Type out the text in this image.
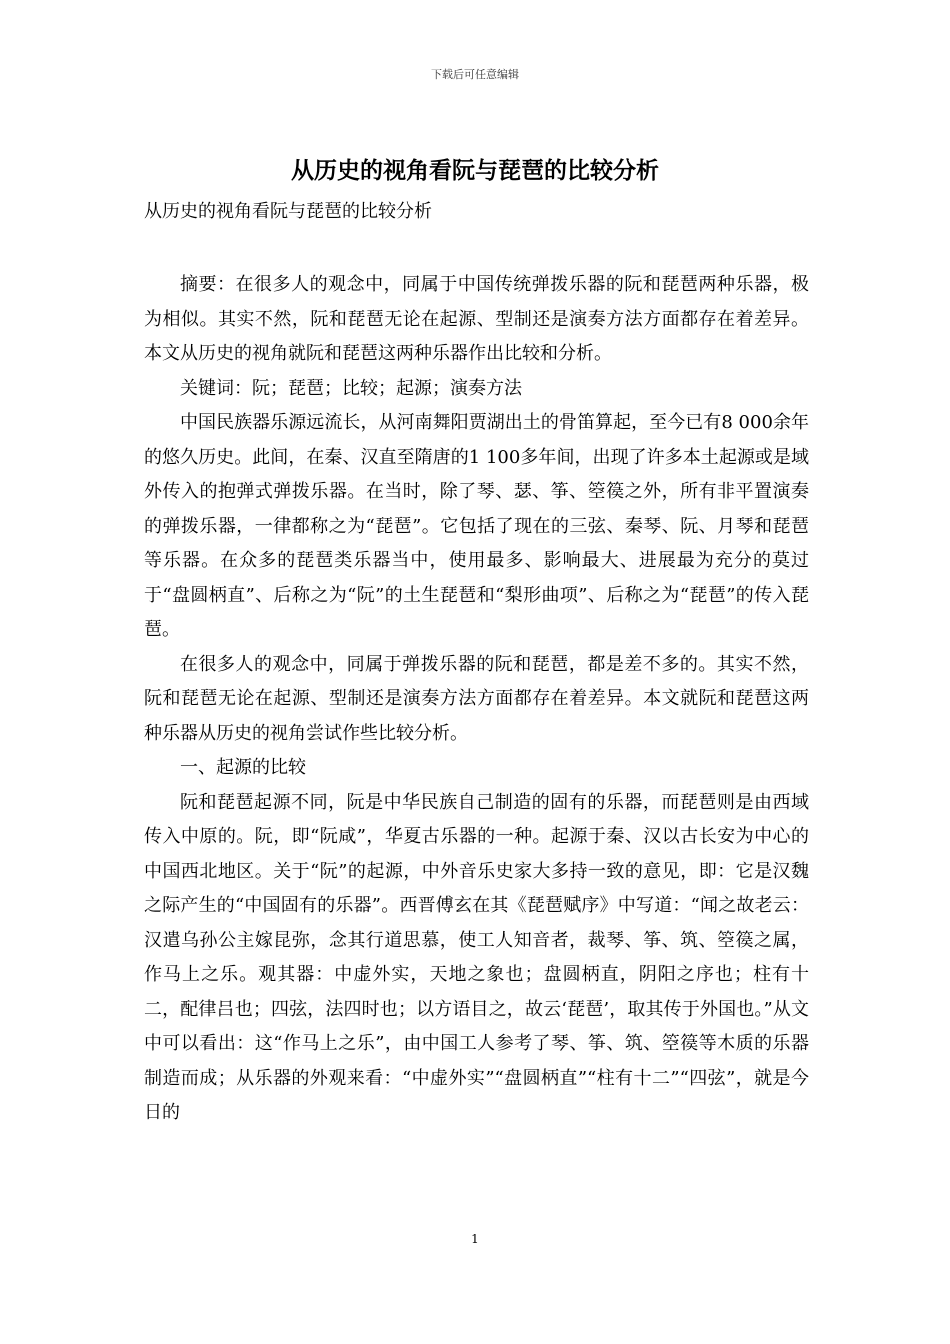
下载后可任意编辑
从历史的视角看阮与琵琶的比较分析
从历史的视角看阮与琵琶的比较分析

摘要：在很多人的观念中，同属于中国传统弹拨乐器的阮和琵琶两种乐器，极为相似。其实不然，阮和琵琶无论在起源、型制还是演奏方法方面都存在着差异。本文从历史的视角就阮和琵琶这两种乐器作出比较和分析。

关键词：阮；琵琶；比较；起源；演奏方法

中国民族器乐源远流长，从河南舞阳贾湖出土的骨笛算起，至今已有8 000余年的悠久历史。此间，在秦、汉直至隋唐的1 100多年间，出现了许多本土起源或是域外传入的抱弹式弹拨乐器。在当时，除了琴、瑟、筝、箜篌之外，所有非平置演奏的弹拨乐器，一律都称之为“琵琶”。它包括了现在的三弦、秦琴、阮、月琴和琵琶等乐器。在众多的琵琶类乐器当中，使用最多、影响最大、进展最为充分的莫过于“盘圆柄直”、后称之为“阮”的土生琵琶和“梨形曲项”、后称之为“琵琶”的传入琵琶。

在很多人的观念中，同属于弹拨乐器的阮和琵琶，都是差不多的。其实不然，阮和琵琶无论在起源、型制还是演奏方法方面都存在着差异。本文就阮和琵琶这两种乐器从历史的视角尝试作些比较分析。

一、起源的比较

阮和琵琶起源不同，阮是中华民族自己制造的固有的乐器，而琵琶则是由西域传入中原的。阮，即“阮咸”，华夏古乐器的一种。起源于秦、汉以古长安为中心的中国西北地区。关于“阮”的起源，中外音乐史家大多持一致的意见，即：它是汉魏之际产生的“中国固有的乐器”。西晋傅玄在其《琵琶赋序》中写道：“闻之故老云：汉遣乌孙公主嫁昆弥，念其行道思慕，使工人知音者，裁琴、筝、筑、箜篌之属，作马上之乐。观其器：中虚外实，天地之象也；盘圆柄直，阴阳之序也；柱有十二，配律吕也；四弦，法四时也；以方语目之，故云‘琵琶’，取其传于外国也。”从文中可以看出：这“作马上之乐”，由中国工人参考了琴、筝、筑、箜篌等木质的乐器制造而成；从乐器的外观来看：“中虚外实”“盘圆柄直”“柱有十二”“四弦”，就是今日的

1
